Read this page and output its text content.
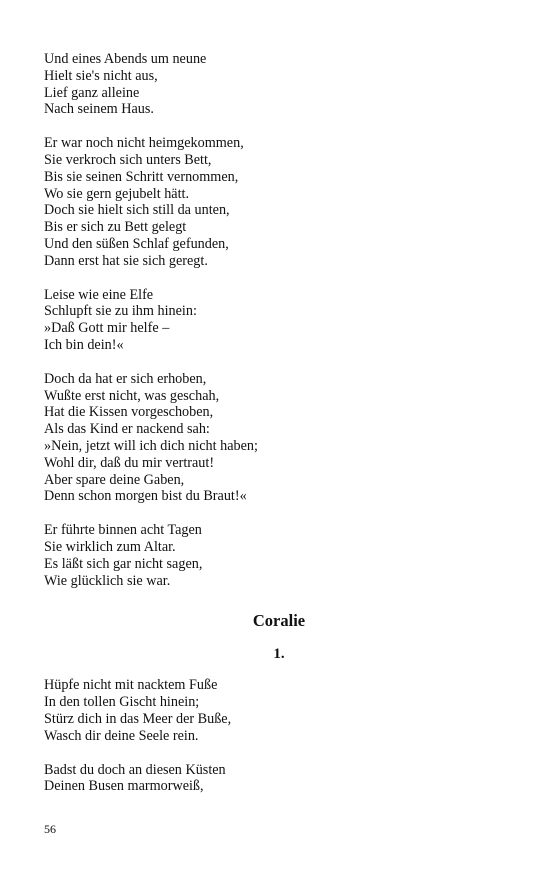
Und eines Abends um neune
Hielt sie's nicht aus,
Lief ganz alleine
Nach seinem Haus.
Er war noch nicht heimgekommen,
Sie verkroch sich unters Bett,
Bis sie seinen Schritt vernommen,
Wo sie gern gejubelt hätt.
Doch sie hielt sich still da unten,
Bis er sich zu Bett gelegt
Und den süßen Schlaf gefunden,
Dann erst hat sie sich geregt.
Leise wie eine Elfe
Schlupft sie zu ihm hinein:
»Daß Gott mir helfe –
Ich bin dein!«
Doch da hat er sich erhoben,
Wußte erst nicht, was geschah,
Hat die Kissen vorgeschoben,
Als das Kind er nackend sah:
»Nein, jetzt will ich dich nicht haben;
Wohl dir, daß du mir vertraut!
Aber spare deine Gaben,
Denn schon morgen bist du Braut!«
Er führte binnen acht Tagen
Sie wirklich zum Altar.
Es läßt sich gar nicht sagen,
Wie glücklich sie war.
Coralie
1.
Hüpfe nicht mit nacktem Fuße
In den tollen Gischt hinein;
Stürz dich in das Meer der Buße,
Wasch dir deine Seele rein.
Badst du doch an diesen Küsten
Deinen Busen marmorweiß,
56
